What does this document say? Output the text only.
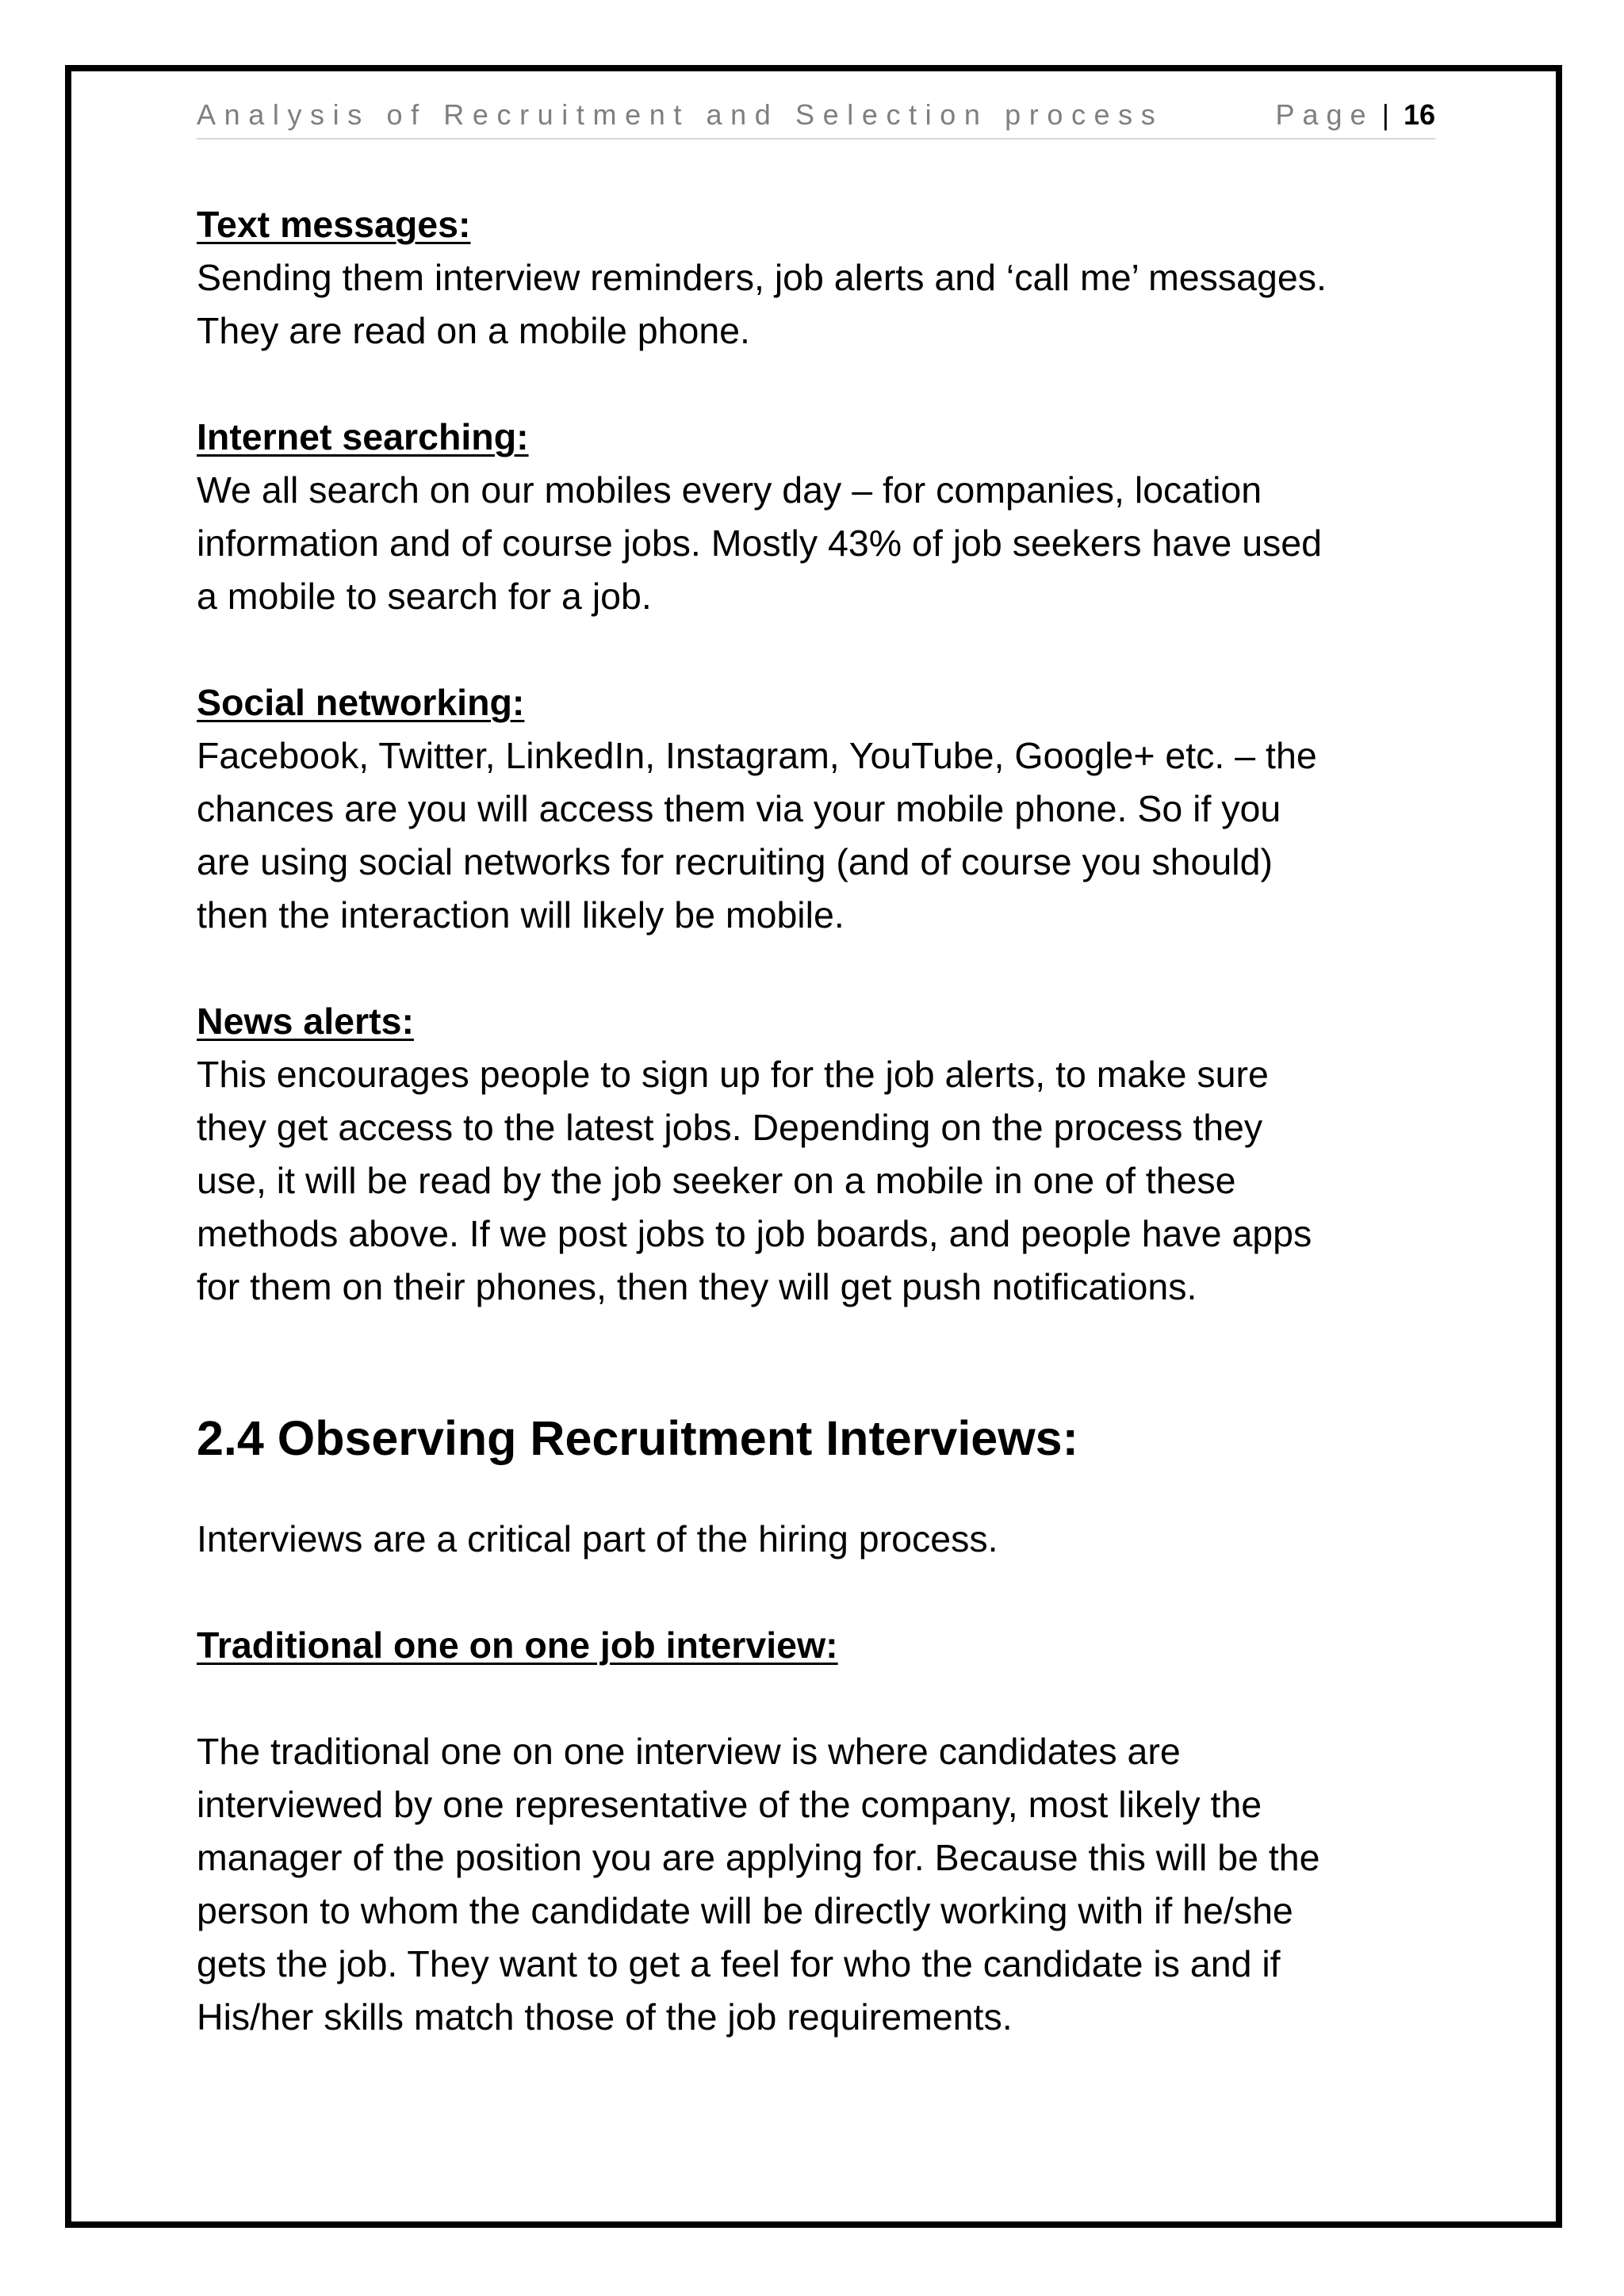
Analysis of Recruitment and Selection process	Page | 16

Text messages:

Sending them interview reminders, job alerts and ‘call me’ messages.

They are read on a mobile phone.

Internet searching:

We all search on our mobiles every day – for companies, location

information and of course jobs. Mostly 43% of job seekers have used

a mobile to search for a job.

Social networking:

Facebook, Twitter, LinkedIn, Instagram, YouTube, Google+ etc. – the

chances are you will access them via your mobile phone. So if you

are using social networks for recruiting (and of course you should)

then the interaction will likely be mobile.

News alerts:

This encourages people to sign up for the job alerts, to make sure

they get access to the latest jobs. Depending on the process they

use, it will be read by the job seeker on a mobile in one of these

methods above. If we post jobs to job boards, and people have apps

for them on their phones, then they will get push notifications.

2.4 Observing Recruitment Interviews:

Interviews are a critical part of the hiring process.

Traditional one on one job interview:

The traditional one on one interview is where candidates are

interviewed by one representative of the company, most likely the

manager of the position you are applying for. Because this will be the

person to whom the candidate will be directly working with if he/she

gets the job. They want to get a feel for who the candidate is and if

His/her skills match those of the job requirements.
